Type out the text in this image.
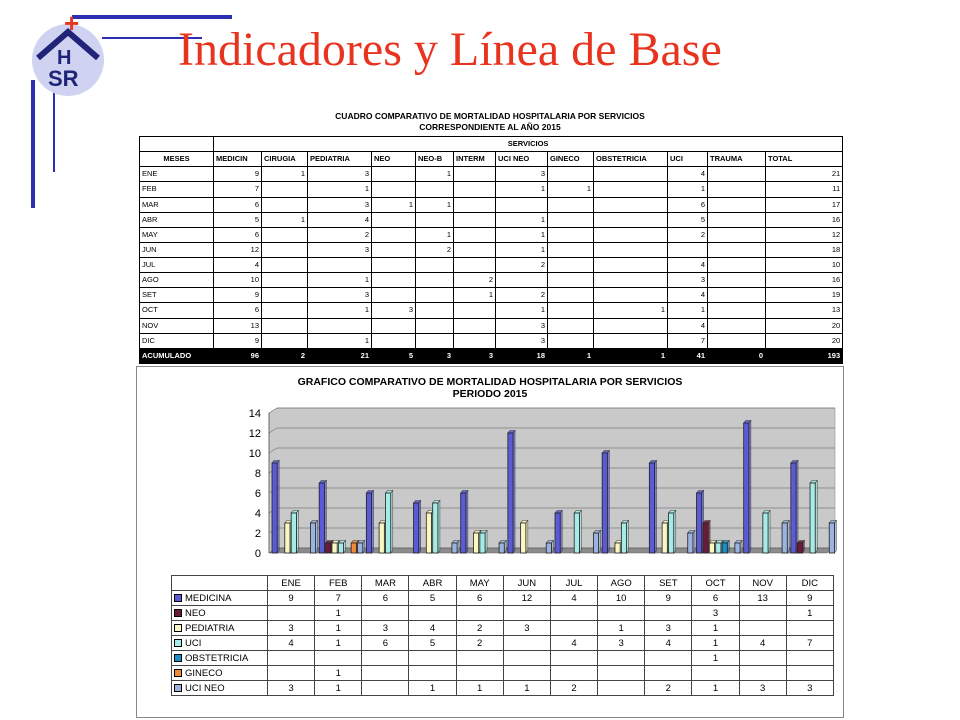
+
H
SR
Indicadores y Línea de Base
CUADRO COMPARATIVO DE MORTALIDAD HOSPITALARIA POR SERVICIOS
CORRESPONDIENTE AL AÑO 2015
	SERVICIOS											
MESES	MEDICIN	CIRUGIA	PEDIATRIA	NEO	NEO-B	INTERM	UCI NEO	GINECO	OBSTETRICIA	UCI	TRAUMA	TOTAL
ENE	9	1	3		1		3			4		21
FEB	7		1				1	1		1		11
MAR	6		3	1	1					6		17
ABR	5	1	4				1			5		16
MAY	6		2		1		1			2		12
JUN	12		3		2		1					18
JUL	4						2			4		10
AGO	10		1			2				3		16
SET	9		3			1	2			4		19
OCT	6		1	3			1		1	1		13
NOV	13						3			4		20
DIC	9		1				3			7		20
ACUMULADO	96	2	21	5	3	3	18	1	1	41	0	193
GRAFICO COMPARATIVO DE MORTALIDAD HOSPITALARIA POR SERVICIOS
PERIODO 2015
0
2
4
6
8
10
12
14
	ENE	FEB	MAR	ABR	MAY	JUN	JUL	AGO	SET	OCT	NOV	DIC
MEDICINA	9	7	6	5	6	12	4	10	9	6	13	9
NEO		1								3		1
PEDIATRIA	3	1	3	4	2	3		1	3	1		
UCI	4	1	6	5	2		4	3	4	1	4	7
OBSTETRICIA										1		
GINECO		1										
UCI NEO	3	1		1	1	1	2		2	1	3	3
